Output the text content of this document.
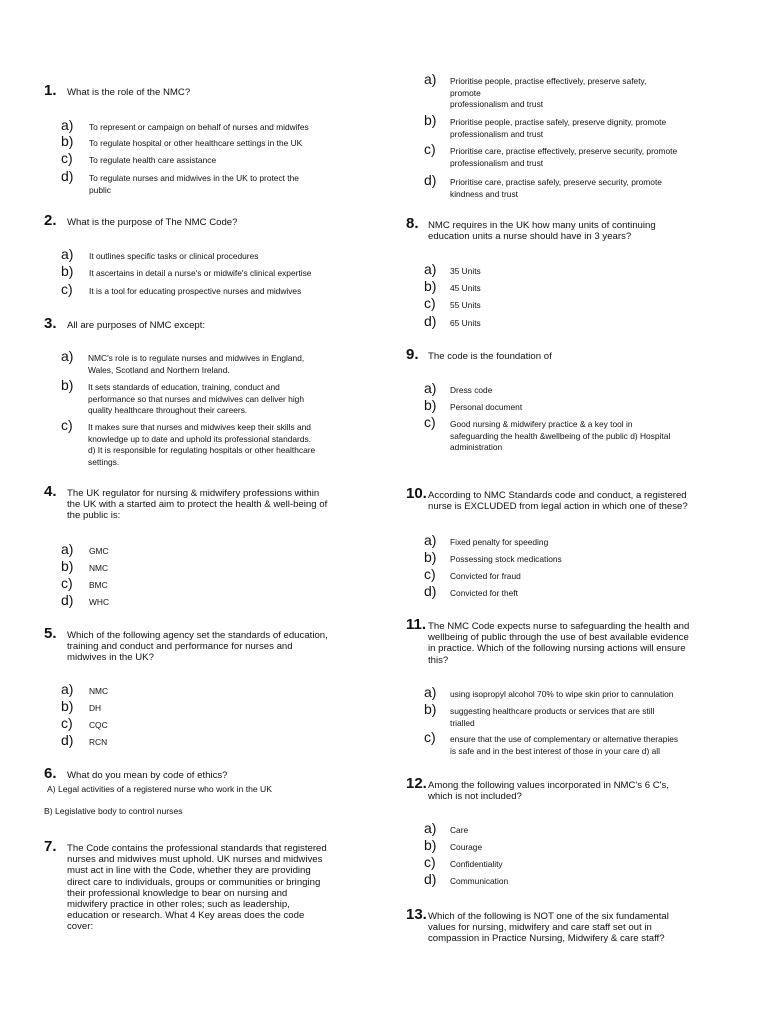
1. What is the role of the NMC?
a) To represent or campaign on behalf of nurses and midwifes
b) To regulate hospital or other healthcare settings in the UK
c) To regulate health care assistance
d) To regulate nurses and midwives in the UK to protect the
public
2. What is the purpose of The NMC Code?
a) It outlines specific tasks or clinical procedures
b) It ascertains in detail a nurse's or midwife's clinical expertise
c) It is a tool for educating prospective nurses and midwives
3. All are purposes of NMC except:
a) NMC's role is to regulate nurses and midwives in England,
Wales, Scotland and Northern Ireland.
b) It sets standards of education, training, conduct and
performance so that nurses and midwives can deliver high
quality healthcare throughout their careers.
c) It makes sure that nurses and midwives keep their skills and
knowledge up to date and uphold its professional standards.
d) It is responsible for regulating hospitals or other healthcare
settings.
4. The UK regulator for nursing & midwifery professions within
the UK with a started aim to protect the health & well-being of
the public is:
a) GMC
b) NMC
c) BMC
d) WHC
5. Which of the following agency set the standards of education,
training and conduct and performance for nurses and
midwives in the UK?
a) NMC
b) DH
c) CQC
d) RCN
6. What do you mean by code of ethics?
A) Legal activities of a registered nurse who work in the UK
B) Legislative body to control nurses
7. The Code contains the professional standards that registered
nurses and midwives must uphold. UK nurses and midwives
must act in line with the Code, whether they are providing
direct care to individuals, groups or communities or bringing
their professional knowledge to bear on nursing and
midwifery practice in other roles; such as leadership,
education or research. What 4 Key areas does the code
cover:
a) Prioritise people, practise effectively, preserve safety,
promote
professionalism and trust
b) Prioritise people, practise safely, preserve dignity, promote
professionalism and trust
c) Prioritise care, practise effectively, preserve security, promote
professionalism and trust
d) Prioritise care, practise safely, preserve security, promote
kindness and trust
8. NMC requires in the UK how many units of continuing
education units a nurse should have in 3 years?
a) 35 Units
b) 45 Units
c) 55 Units
d) 65 Units
9. The code is the foundation of
a) Dress code
b) Personal document
c) Good nursing & midwifery practice & a key tool in
safeguarding the health &wellbeing of the public d) Hospital
administration
10. According to NMC Standards code and conduct, a registered
nurse is EXCLUDED from legal action in which one of these?
a) Fixed penalty for speeding
b) Possessing stock medications
c) Convicted for fraud
d) Convicted for theft
11. The NMC Code expects nurse to safeguarding the health and
wellbeing of public through the use of best available evidence
in practice. Which of the following nursing actions will ensure
this?
a) using isopropyl alcohol 70% to wipe skin prior to cannulation
b) suggesting healthcare products or services that are still
trialled
c) ensure that the use of complementary or alternative therapies
is safe and in the best interest of those in your care d) all
12. Among the following values incorporated in NMC's 6 C's,
which is not included?
a) Care
b) Courage
c) Confidentiality
d) Communication
13. Which of the following is NOT one of the six fundamental
values for nursing, midwifery and care staff set out in
compassion in Practice Nursing, Midwifery & care staff?
